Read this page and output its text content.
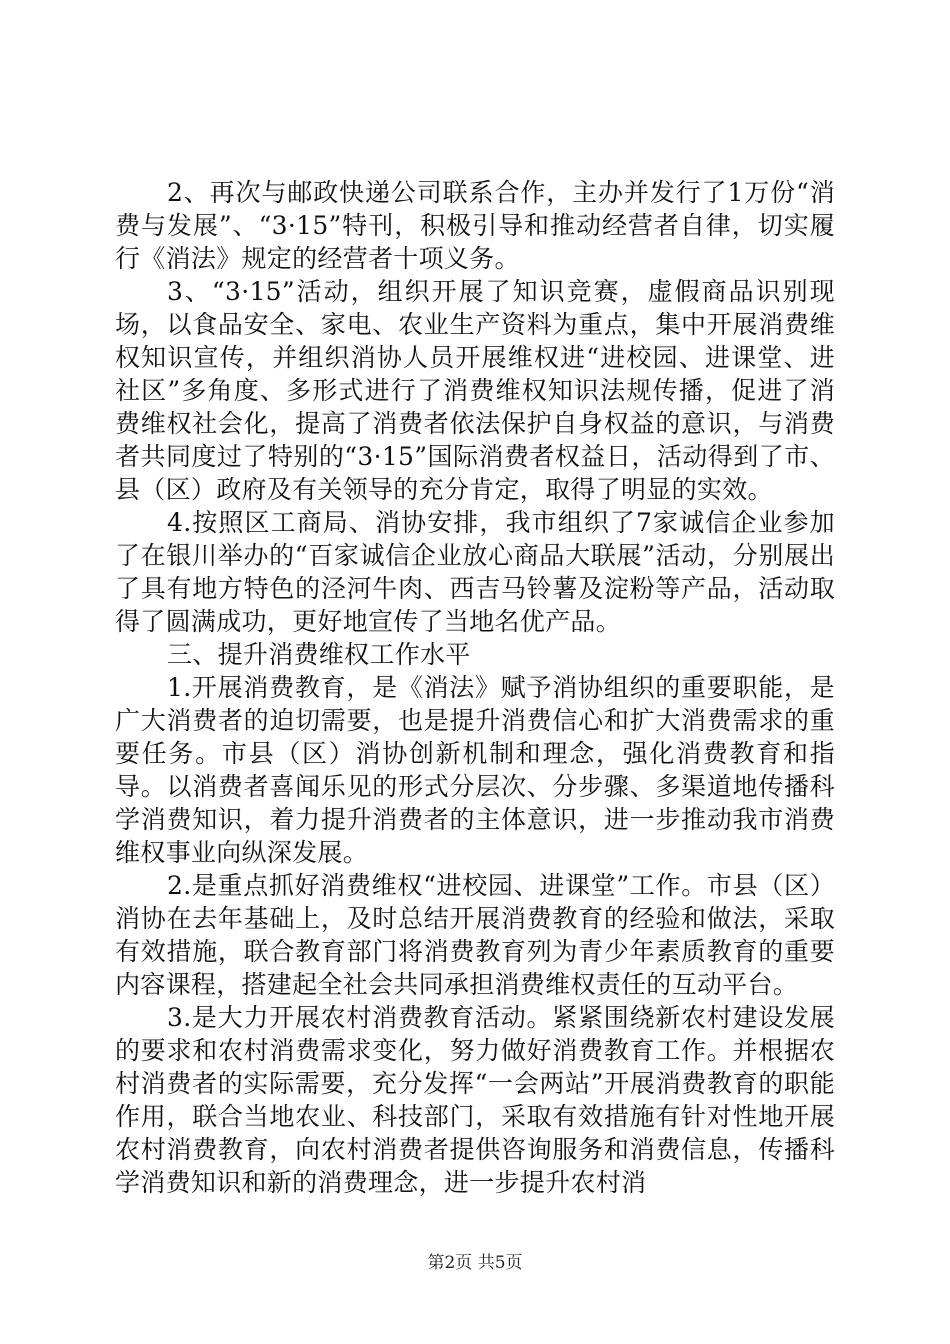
2、再次与邮政快递公司联系合作，主办并发行了1万份“消费与发展”、“3·15”特刊，积极引导和推动经营者自律，切实履行《消法》规定的经营者十项义务。

3、“3·15”活动，组织开展了知识竞赛，虚假商品识别现场，以食品安全、家电、农业生产资料为重点，集中开展消费维权知识宣传，并组织消协人员开展维权进“进校园、进课堂、进社区”多角度、多形式进行了消费维权知识法规传播，促进了消费维权社会化，提高了消费者依法保护自身权益的意识，与消费者共同度过了特别的“3·15”国际消费者权益日，活动得到了市、县（区）政府及有关领导的充分肯定，取得了明显的实效。

4.按照区工商局、消协安排，我市组织了7家诚信企业参加了在银川举办的“百家诚信企业放心商品大联展”活动，分别展出了具有地方特色的泾河牛肉、西吉马铃薯及淀粉等产品，活动取得了圆满成功，更好地宣传了当地名优产品。

三、提升消费维权工作水平

1.开展消费教育，是《消法》赋予消协组织的重要职能，是广大消费者的迫切需要，也是提升消费信心和扩大消费需求的重要任务。市县（区）消协创新机制和理念，强化消费教育和指导。以消费者喜闻乐见的形式分层次、分步骤、多渠道地传播科学消费知识，着力提升消费者的主体意识，进一步推动我市消费维权事业向纵深发展。

2.是重点抓好消费维权“进校园、进课堂”工作。市县（区）消协在去年基础上，及时总结开展消费教育的经验和做法，采取有效措施，联合教育部门将消费教育列为青少年素质教育的重要内容课程，搭建起全社会共同承担消费维权责任的互动平台。

3.是大力开展农村消费教育活动。紧紧围绕新农村建设发展的要求和农村消费需求变化，努力做好消费教育工作。并根据农村消费者的实际需要，充分发挥“一会两站”开展消费教育的职能作用，联合当地农业、科技部门，采取有效措施有针对性地开展农村消费教育，向农村消费者提供咨询服务和消费信息，传播科学消费知识和新的消费理念，进一步提升农村消

第2页 共5页
